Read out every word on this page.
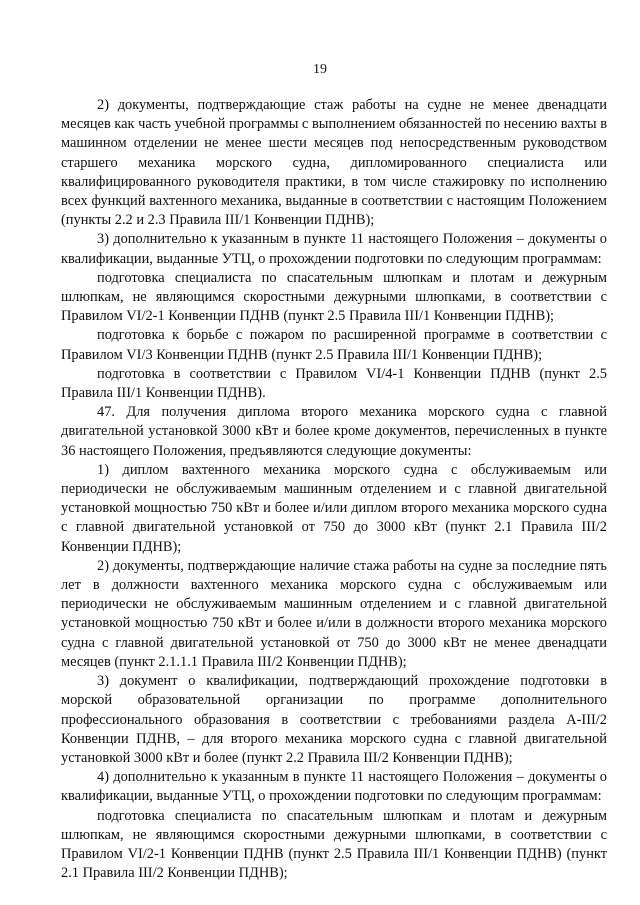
19

2) документы, подтверждающие стаж работы на судне не менее двенадцати месяцев как часть учебной программы с выполнением обязанностей по несению вахты в машинном отделении не менее шести месяцев под непосредственным руководством старшего механика морского судна, дипломированного специалиста или квалифицированного руководителя практики, в том числе стажировку по исполнению всех функций вахтенного механика, выданные в соответствии с настоящим Положением (пункты 2.2 и 2.3 Правила III/1 Конвенции ПДНВ);

3) дополнительно к указанным в пункте 11 настоящего Положения – документы о квалификации, выданные УТЦ, о прохождении подготовки по следующим программам:

подготовка специалиста по спасательным шлюпкам и плотам и дежурным шлюпкам, не являющимся скоростными дежурными шлюпками, в соответствии с Правилом VI/2-1 Конвенции ПДНВ (пункт 2.5 Правила III/1 Конвенции ПДНВ);

подготовка к борьбе с пожаром по расширенной программе в соответствии с Правилом VI/3 Конвенции ПДНВ (пункт 2.5 Правила III/1 Конвенции ПДНВ);

подготовка в соответствии с Правилом VI/4-1 Конвенции ПДНВ (пункт 2.5 Правила III/1 Конвенции ПДНВ).

47. Для получения диплома второго механика морского судна с главной двигательной установкой 3000 кВт и более кроме документов, перечисленных в пункте 36 настоящего Положения, предъявляются следующие документы:

1) диплом вахтенного механика морского судна с обслуживаемым или периодически не обслуживаемым машинным отделением и с главной двигательной установкой мощностью 750 кВт и более и/или диплом второго механика морского судна с главной двигательной установкой от 750 до 3000 кВт (пункт 2.1 Правила III/2 Конвенции ПДНВ);

2) документы, подтверждающие наличие стажа работы на судне за последние пять лет в должности вахтенного механика морского судна с обслуживаемым или периодически не обслуживаемым машинным отделением и с главной двигательной установкой мощностью 750 кВт и более и/или в должности второго механика морского судна с главной двигательной установкой от 750 до 3000 кВт не менее двенадцати месяцев (пункт 2.1.1.1 Правила III/2 Конвенции ПДНВ);

3) документ о квалификации, подтверждающий прохождение подготовки в морской образовательной организации по программе дополнительного профессионального образования в соответствии с требованиями раздела A-III/2 Конвенции ПДНВ, – для второго механика морского судна с главной двигательной установкой 3000 кВт и более (пункт 2.2 Правила III/2 Конвенции ПДНВ);

4) дополнительно к указанным в пункте 11 настоящего Положения – документы о квалификации, выданные УТЦ, о прохождении подготовки по следующим программам:

подготовка специалиста по спасательным шлюпкам и плотам и дежурным шлюпкам, не являющимся скоростными дежурными шлюпками, в соответствии с Правилом VI/2-1 Конвенции ПДНВ (пункт 2.5 Правила III/1 Конвенции ПДНВ) (пункт 2.1 Правила III/2 Конвенции ПДНВ);
